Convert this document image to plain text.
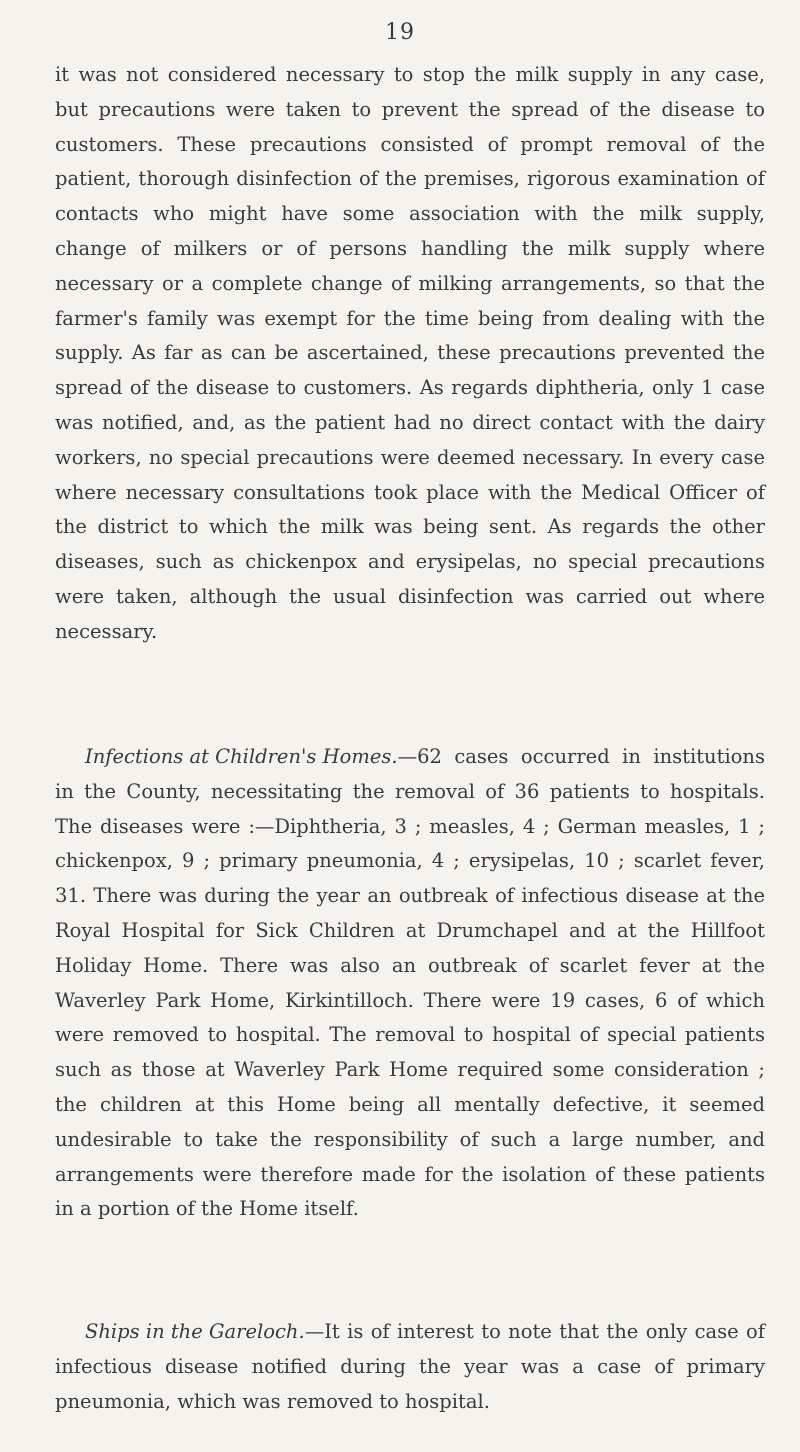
19

it was not considered necessary to stop the milk supply in any case, but precautions were taken to prevent the spread of the disease to customers. These precautions consisted of prompt removal of the patient, thorough disinfection of the premises, rigorous examination of contacts who might have some association with the milk supply, change of milkers or of persons handling the milk supply where necessary or a complete change of milking arrangements, so that the farmer's family was exempt for the time being from dealing with the supply. As far as can be ascertained, these precautions prevented the spread of the disease to customers. As regards diphtheria, only 1 case was notified, and, as the patient had no direct contact with the dairy workers, no special precautions were deemed necessary. In every case where necessary consultations took place with the Medical Officer of the district to which the milk was being sent. As regards the other diseases, such as chickenpox and erysipelas, no special precautions were taken, although the usual disinfection was carried out where necessary.

Infections at Children's Homes.—62 cases occurred in institutions in the County, necessitating the removal of 36 patients to hospitals. The diseases were :—Diphtheria, 3 ; measles, 4 ; German measles, 1 ; chickenpox, 9 ; primary pneumonia, 4 ; erysipelas, 10 ; scarlet fever, 31. There was during the year an outbreak of infectious disease at the Royal Hospital for Sick Children at Drumchapel and at the Hillfoot Holiday Home. There was also an outbreak of scarlet fever at the Waverley Park Home, Kirkintilloch. There were 19 cases, 6 of which were removed to hospital. The removal to hospital of special patients such as those at Waverley Park Home required some consideration ; the children at this Home being all mentally defective, it seemed undesirable to take the responsibility of such a large number, and arrangements were therefore made for the isolation of these patients in a portion of the Home itself.

Ships in the Gareloch.—It is of interest to note that the only case of infectious disease notified during the year was a case of primary pneumonia, which was removed to hospital.
